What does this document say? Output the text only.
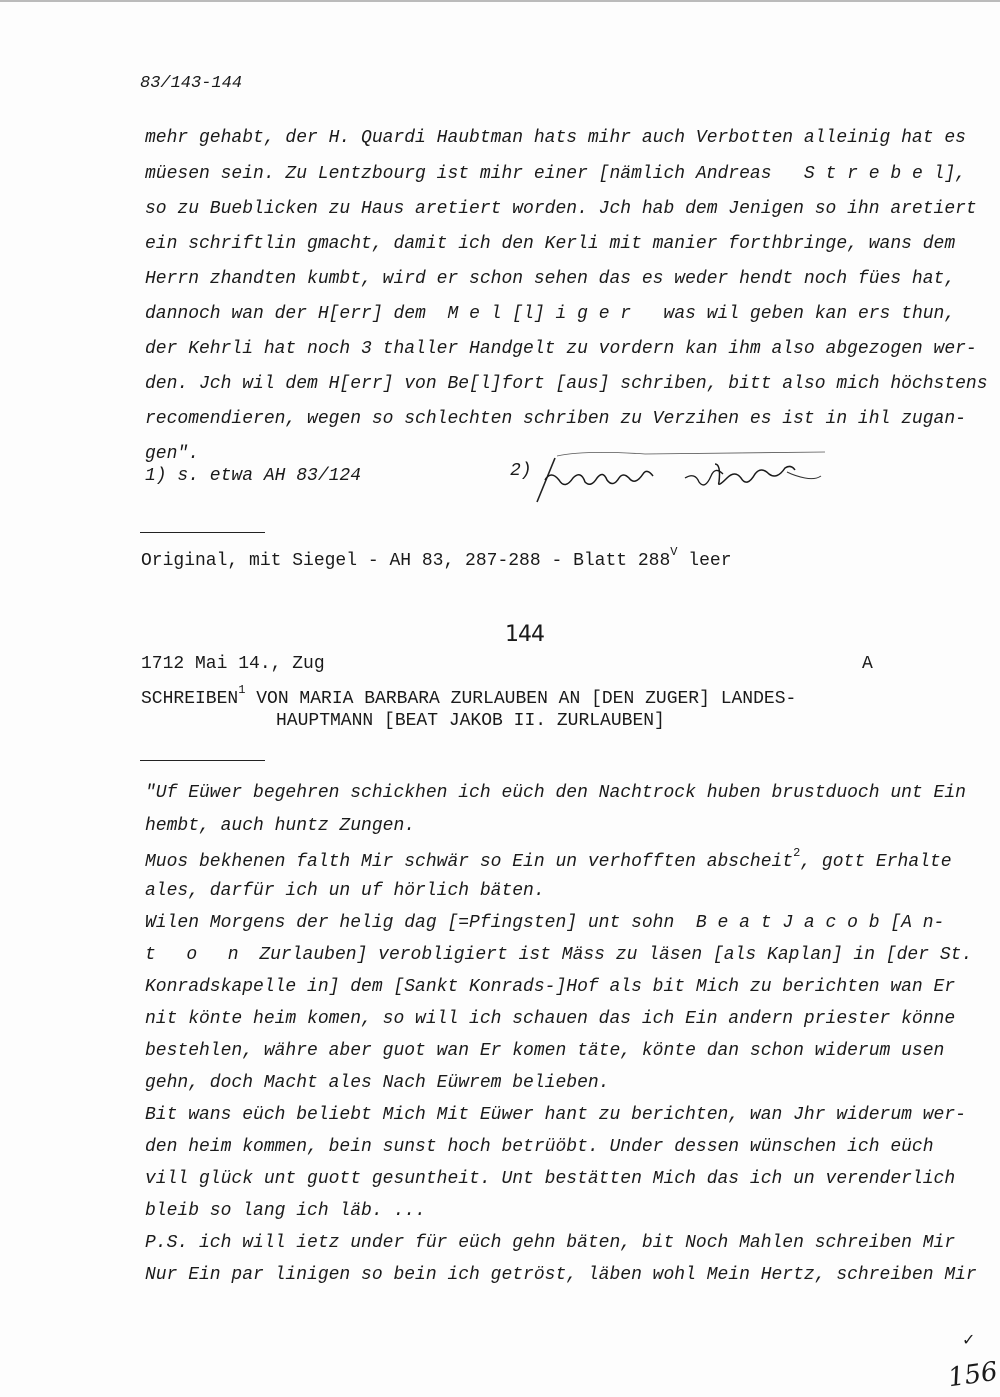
83/143-144
mehr gehabt, der H. Quardi Haubtman hats mihr auch Verbotten alleinig hat es
müesen sein. Zu Lentzbourg ist mihr einer [nämlich Andreas S t r e b e l],
so zu Bueblicken zu Haus aretiert worden. Jch hab dem Jenigen so ihn aretiert
ein schriftlin gmacht, damit ich den Kerli mit manier forthbringe, wans dem
Herrn zhandten kumbt, wird er schon sehen das es weder hendt noch fües hat,
dannoch wan der H[err] dem M e l [l] i g e r was wil geben kan ers thun,
der Kehrli hat noch 3 thaller Handgelt zu vordern kan ihm also abgezogen wer-
den. Jch wil dem H[err] von Be[l]fort [aus] schriben, bitt also mich höchstens
recomendieren, wegen so schlechten schriben zu Verzihen es ist in ihl zugan-
gen".
1) s. etwa AH 83/124	2)
Original, mit Siegel - AH 83, 287-288 - Blatt $288^V$ leer
144
1712 Mai 14., Zug	A
SCHREIBEN$^1$ VON MARIA BARBARA ZURLAUBEN AN [DEN ZUGER] LANDES-
HAUPTMANN [BEAT JAKOB II. ZURLAUBEN]
"Uf Eüwer begehren schickhen ich eüch den Nachtrock huben brustduoch unt Ein
hembt, auch huntz Zungen.
Muos bekhenen falth Mir schwär so Ein un verhofften abscheit$^2$, gott Erhalte
ales, darfür ich un uf hörlich bäten.
Wilen Morgens der helig dag [=Pfingsten] unt sohn B e a t J a c o b [A n-
t o n Zurlauben] verobligiert ist Mäss zu läsen [als Kaplan] in [der St.
Konradskapelle in] dem [Sankt Konrads-]Hof als bit Mich zu berichten wan Er
nit könte heim komen, so will ich schauen das ich Ein andern priester könne
bestehlen, währe aber guot wan Er komen täte, könte dan schon widerum usen
gehn, doch Macht ales Nach Eüwrem belieben.
Bit wans eüch beliebt Mich Mit Eüwer hant zu berichten, wan Jhr widerum wer-
den heim kommen, bein sunst hoch betrüöbt. Under dessen wünschen ich eüch
vill glück unt guott gesuntheit. Unt bestätten Mich das ich un verenderlich
bleib so lang ich läb. ...
P.S. ich will ietz under für eüch gehn bäten, bit Noch Mahlen schreiben Mir
Nur Ein par linigen so bein ich getröst, läben wohl Mein Hertz, schreiben Mir
✓
156
